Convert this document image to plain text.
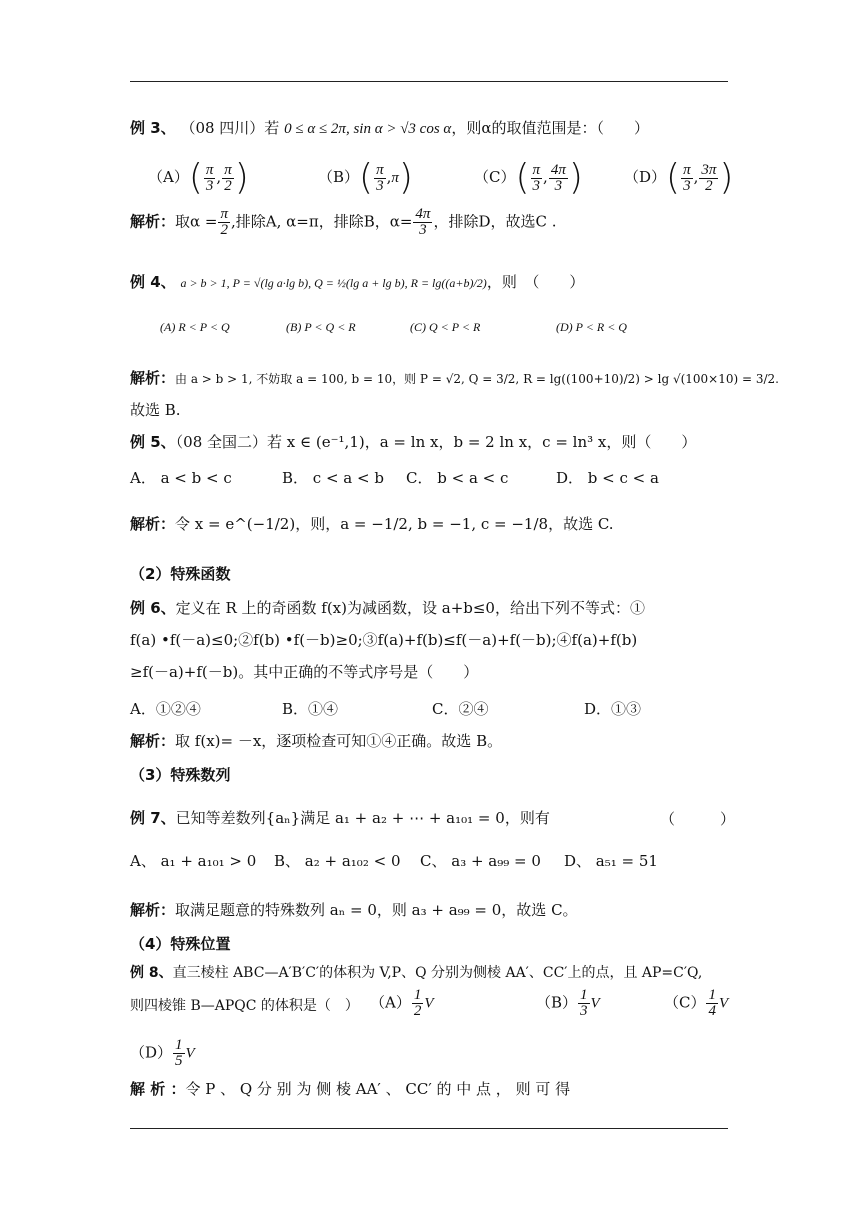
例 3、 （08 四川）若 0 ≤ α ≤ 2π, sin α > √3 cos α，则α的取值范围是：（　　）
$(A)( \frac{\pi}{3}$ , $\frac{\pi}{2}$ )	$(B)( \frac{\pi}{3} ,\pi)$	$(C)( \frac{\pi}{3}$ , $\frac{4\pi}{3}$ )	$(D)( \frac{\pi}{3}$ , $\frac{3\pi}{2}$ )
解析：取$\alpha = \frac{\pi}{2}$ ,排除A, α=π，排除B，$\alpha= \frac{4\pi}{3}$ ，排除D，故选C .
例 4、 a > b > 1, P = √(lg a·lg b), Q = ½(lg a + lg b), R = lg((a+b)/2)，则　（　　）
(A) R < P < Q	(B) P < Q < R	(C) Q < P < R	(D) P < R < Q
解析：由 a > b > 1, 不妨取 a = 100, b = 10，则 P = √2, Q = 3/2, R = lg((100+10)/2) > lg √(100×10) = 3/2.
故选 B.
例 5、（08 全国二）若 x ∈ (e⁻¹,1)，a = ln x，b = 2 ln x，c = ln³ x，则（　　）
A． a < b < c	B． c < a < b C． b < a < c	D． b < c < a
解析：令 x = e^(−1/2)，则，a = −1/2, b = −1, c = −1/8，故选 C.
（2）特殊函数
例 6、定义在 R 上的奇函数 f(x)为减函数，设 a+b≤0，给出下列不等式：①
f(a) •f(－a)≤0;②f(b) •f(－b)≥0;③f(a)+f(b)≤f(－a)+f(－b);④f(a)+f(b)
≥f(－a)+f(－b)。其中正确的不等式序号是（　　）
A．①②④	B．①④	C．②④	D．①③
解析：取 f(x)= －x，逐项检查可知①④正确。故选 B。
（3）特殊数列
例 7、已知等差数列{aₙ}满足 a₁ + a₂ + ⋯ + a₁₀₁ = 0，则有	（　　　）
A、 a₁ + a₁₀₁ > 0 B、 a₂ + a₁₀₂ < 0 C、 a₃ + a₉₉ = 0 D、 a₅₁ = 51
解析：取满足题意的特殊数列 aₙ = 0，则 a₃ + a₉₉ = 0，故选 C。
（4）特殊位置
例 8、直三棱柱 ABC—A′B′C′的体积为 V,P、Q 分别为侧棱 AA′、CC′上的点，且 AP=C′Q,
则四棱锥 B—APQC 的体积是（　） $(A) \frac{1}{2}$ V	$(B) \frac{1}{3}$ V	$(C) \frac{1}{4}$ V
$(D) \frac{1}{5}$ V
解 析 ：令 P 、 Q 分 别 为 侧 棱 AA′ 、 CC′ 的 中 点 ， 则 可 得
